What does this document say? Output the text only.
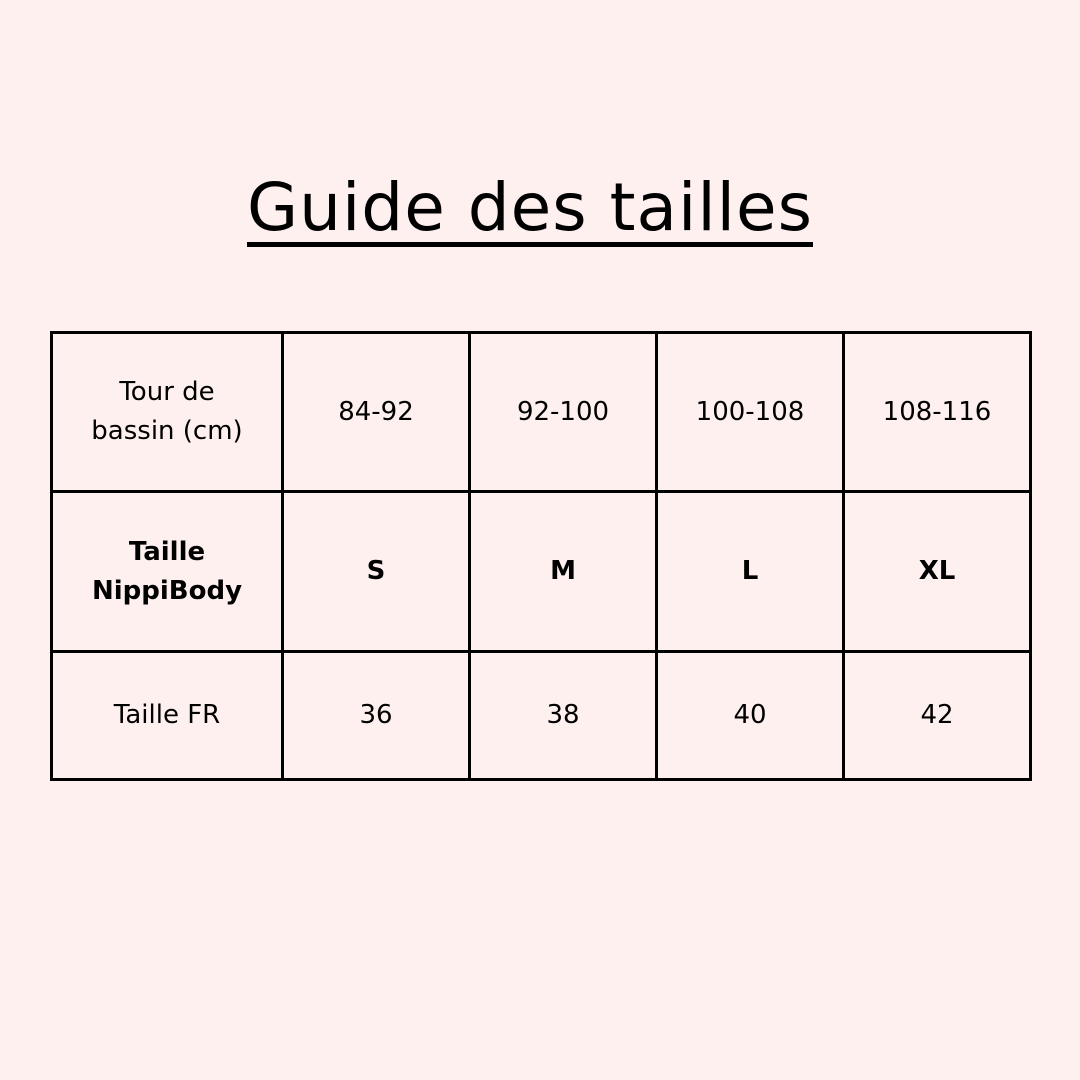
Guide des tailles
Tour de bassin (cm)	84-92	92-100	100-108	108-116
Taille NippiBody	S	M	L	XL
Taille FR	36	38	40	42
